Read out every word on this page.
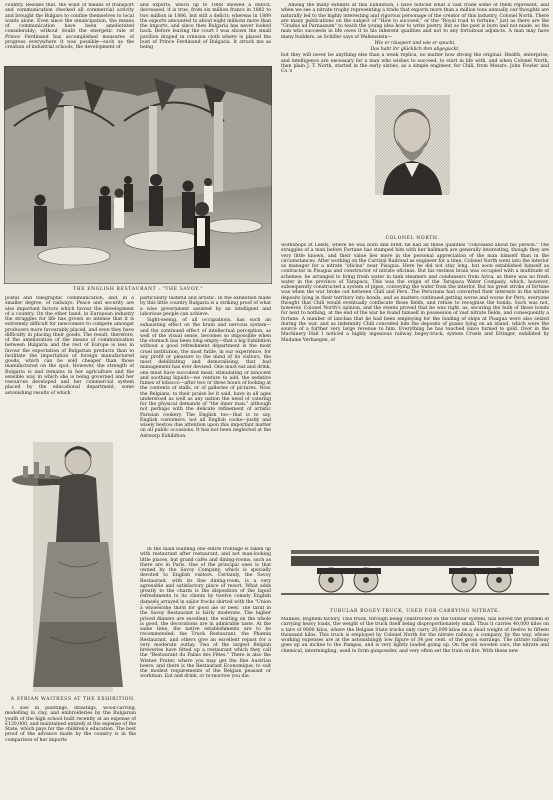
country. Besides that, the want of means of transport and communication checked all commercial activity and brought the Bulgars to confine themselves to local wants alone. Even since the emancipation, the means of communication have been ameliorated considerably; without doubt the energetic rule of Prince Ferdinand has accomplished measures of progress everywhere it was possible—such as the creation of industrial schools, the development of

and exports, which up to 1888 showed a deficit, decreased, it is true, from six million francs in 1882 to two million in 1886, but still a deficit; whereas in 1889 the exports amounted to about eight millions more than the imports, and since then Bulgaria has never looked back. Before leaving the court I was shown the small pavilion draped in crimson cloth where is placed the bust of Prince Ferdinand of Bulgaria. It struck me as being

THE ENGLISH RESTAURANT : "THE SAVOY."

Among the many exhibits at this Exhibition, I have noticed what a vast trade some of them represent, and when we see a nitrate trophy representing a trade that exports more than a million tons annually our thoughts are naturally led to the highly interesting and vigorous personage of the creator of this industry, Colonel North. There are many publications on the subject of "How to succeed," or the "Royal road to fortune," just as there are the "Gradus ad Parnassum" to teach the young idea how to write poetry. But as the poet is born and not made, so the man who succeeds in life owes it to his inherent qualities and not to any fortuitous adjuncts. A man may have many builders, as Schiller says of Wallenstein—

Wie er räuspert und wie er spuckt,

Das habt ihr glücklich ihm abgeguckt,

but they will never be anything else than a weak replica, no matter how strong the original. Health, enterprise, and intelligence are necessary for a man who wishes to succeed, to start in life with, and when Colonel North, then plain J. T. North, started in the early sixties, as a simple engineer, for Chili, from Messrs. John Fowler and Co.'s

COLONEL NORTH.

postal and telegraphic communication, and, in a smaller degree, of railways. Peace and security are also important factors which favour the development of a country. On the other hand, in European industry the struggles for life has grown so intense that it is extremely difficult for newcomers to compete amongst producers more favourably placed, and even they have difficulty in placing their goods. The result, therefore, of the amelioration of the means of communication between Bulgaria and the rest of Europe is less in favour the exportation of Bulgarian products than to facilitate the importation of foreign manufactured goods, which can be sold cheaper than those manufactured on the spot. However, the strength of Bulgaria is and remains in her agriculture and the sensible way in which she is being governed and her resources developed and her commercial system placed by the educational department, some astonishing results of which

particularly tasteful and artistic. In the exhibition made by this little country Bulgaria is a striking proof of what a wise government assisted by an intelligent and laborious people can achieve.

Sight-seeing, of all occupations, has such an exhausting effect on the brain and nervous system—and the continued effect of intellectual perception, as well of the visual sense, becomes so impossible when the stomach has been long empty—that a big Exhibition without a good refreshment department is the most cruel institution, the most futile, in our experience, for any profit or pleasure to the mind of its visitors, the most debilitating and demoralising, that bad management has ever devised. One must eat and drink, one must have succulent meat, stimulating or innocent and soothing liquids—we venture to add, the sedative fumes of tobacco—after two or three hours of looking at the contents of stalls, or of galleries of pictures. Now, the Belgians, to their praise be it said, have in all ages understood as well as any nation the need of catering for the physical demands of "the inner man," although not perhaps with the delicate refinement of artistic Parisian cookery. The English too—that is to say, English customers, not all English cooks—justly and wisely bestow due attention upon this important matter on all public occasions. It has not been neglected at the Antwerp Exhibition.

A SYRIAN WAITRESS AT THE EXHIBITION.

In the main building one entire frontage is taken up with restaurant after restaurant, and not man-looking little places, but grand cafés and dining-rooms, such as there are in Paris. One of the principal ones is that owned by the Savoy Company, which is specially devoted to English visitors. Certainly, the Savoy Restaurant, with its fine dining-room, is a very agreeable and satisfactory place of resort. What adds greatly to the charm is the disposition of the liquid refreshments to its clients by twelve comely English damsels arrayed in sailor frocks skirted with the "Union

a wholesome thirst for good ale or beer. The tariff in the Savoy Restaurant is fairly moderate. The higher priced dinners are excellent, the waiting on the whole is good, the decorations are in admirable taste. At the same time, the native establishments are to be recommended: the Truck Restaurant, the Phœnix Restaurant, and others give an excellent repast for a very moderate outlay. Two of the largest Belgian breweries have fitted up a restaurant which they call the "Restaurant du Palais des Fêtes." There is also the Wiener Prater, where you may get the fine Austrian beers; and there is the Restaurant Economique, to suit the modest requirements of the Belgian peasant or workman. Eat and drink, or to-morrow you die.

I saw in paintings, drawings, wood-carving, modelling in clay, and embroideries by the Bulgarian youth of the high school built recently at an expense of £120,000, and maintained entirely at the expense of the State, which pays for the children's education. The best proof of the advance made by the country is in the comparison of her imports

workshops at Leeds, where he was born and bred, he had all these qualities "concealed about his person." The struggles of a man before Fortune has stamped him with her hallmark are generally interesting, though they are very little known, and their value lies more in the personal appreciation of the man himself than in the circumstances. After working on the Carrizal Railroad as engineer for a time, Colonel North went into the interior as manager for a nitrate "oficina" near Pisagua. Here he did not stay long, but soon established himself as contractor in Pisagua and constructor of nitrate oficinas. But his restless brain was occupied with a multitude of schemes: he arranged to bring fresh water in tank steamers and condensers from Arica, as there was no fresh water in the province of Tarapaca. This was the origin of the Tarapaca Water Company, which, however, subsequently constructed a system of pipes, conveying the water from the interior. But his great stroke of fortune was when the war broke out between Chili and Peru. The Peruvians had converted their interests in the nitrate deposits lying in their territory into bonds, and as matters continued getting worse and worse for Peru, everyone thought that Chili would eventually confiscate those fields, and refuse to recognise the bonds. Such was not, however, Colonel North's opinion, and the events proved that he was right, as, securing the bulk of those bonds for next to nothing, at the end of the war he found himself in possession of vast nitrate fields, and consequently a fortune. A number of lanchas that he had been employing for the loading of ships at Pisagua were also seized during the war, and as indemnity Chili conceded him the deposits of guano lying on an island, which were the source of a further very large revenue to him. Everything he has touched since turned to gold. Over in the Machinery Hall I noticed a highly ingenious railway bogey-truck, system Cruels and Ettinger, exhibited by Madame Verhaegen, of

TUBULAR BOGEY-TRUCK, USED FOR CARRYING NITRATE.

Malines, Boghem factory. This truck, through being constructed on the tubular system, has solved the problem of carrying heavy loads, the weight of the truck itself being disproportionately small. Thus it carries 40,000 kilos on a tare of 9000 kilos, where the Belgian State trucks only carry 20,000 kilos on a dead weight of twelve to fifteen thousand kilos. This truck is employed by Colonel North for the nitrate railway, a company, by the way, whose working expenses are at the astonishingly low figure of 34 per cent. of the gross earnings. The nitrate railway goes up an incline to the Pampas, and is very lightly loaded going up. On the old wooden cars, the nitrate and chemical, intermingling, used to form gunpowder, and very often set the train on fire. With these new
